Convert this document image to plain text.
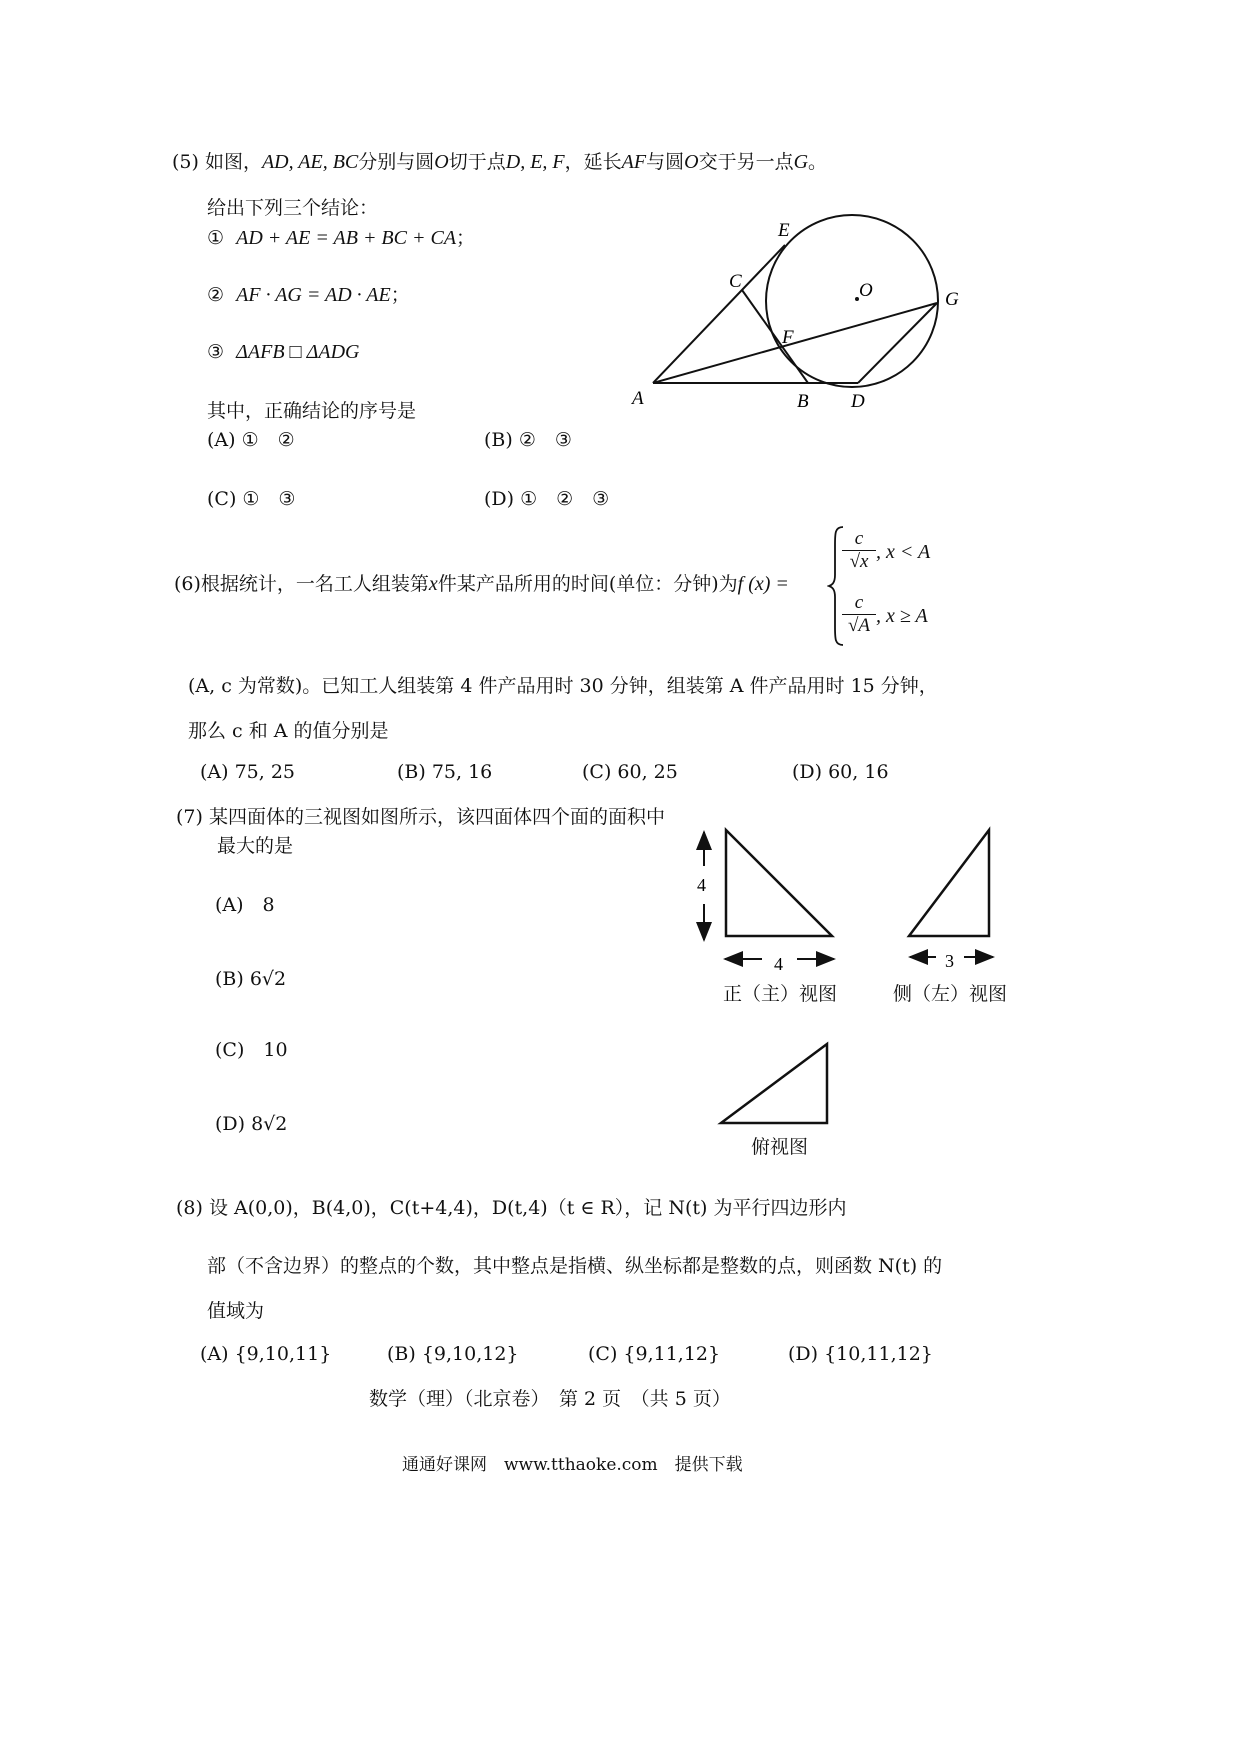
(5) 如图，AD, AE, BC分别与圆O切于点D, E, F，延长AF与圆O交于另一点G。
给出下列三个结论：
① AD + AE = AB + BC + CA；
② AF · AG = AD · AE；
③ ΔAFB □ ΔADG
其中，正确结论的序号是
(A) ①　②	(B) ②　③
(C) ①　③	(D) ①　②　③
E
C	O	G
F
A	B D
(6)根据统计，一名工人组装第x件某产品所用的时间(单位：分钟)为f (x) =
$\frac{c}{√x}$ , x < A
$\frac{c}{√A}$ , x ≥ A
(A, c 为常数)。已知工人组装第 4 件产品用时 30 分钟，组装第 A 件产品用时 15 分钟，
那么 c 和 A 的值分别是
(A) 75, 25	(B) 75, 16	(C) 60, 25	(D) 60, 16
(7) 某四面体的三视图如图所示，该四面体四个面的面积中
最大的是
(A)　8
(B) 6√2
(C)　10
(D) 8√2
4
4	3
正（主）视图	侧（左）视图
俯视图
(8) 设 A(0,0)，B(4,0)，C(t+4,4)，D(t,4)（t ∈ R），记 N(t) 为平行四边形内
部（不含边界）的整点的个数，其中整点是指横、纵坐标都是整数的点，则函数 N(t) 的
值域为
(A) {9,10,11}	(B) {9,10,12}	(C) {9,11,12}	(D) {10,11,12}
数学（理）（北京卷）　第 2 页　（共 5 页）
通通好课网　www.tthaoke.com　提供下载
